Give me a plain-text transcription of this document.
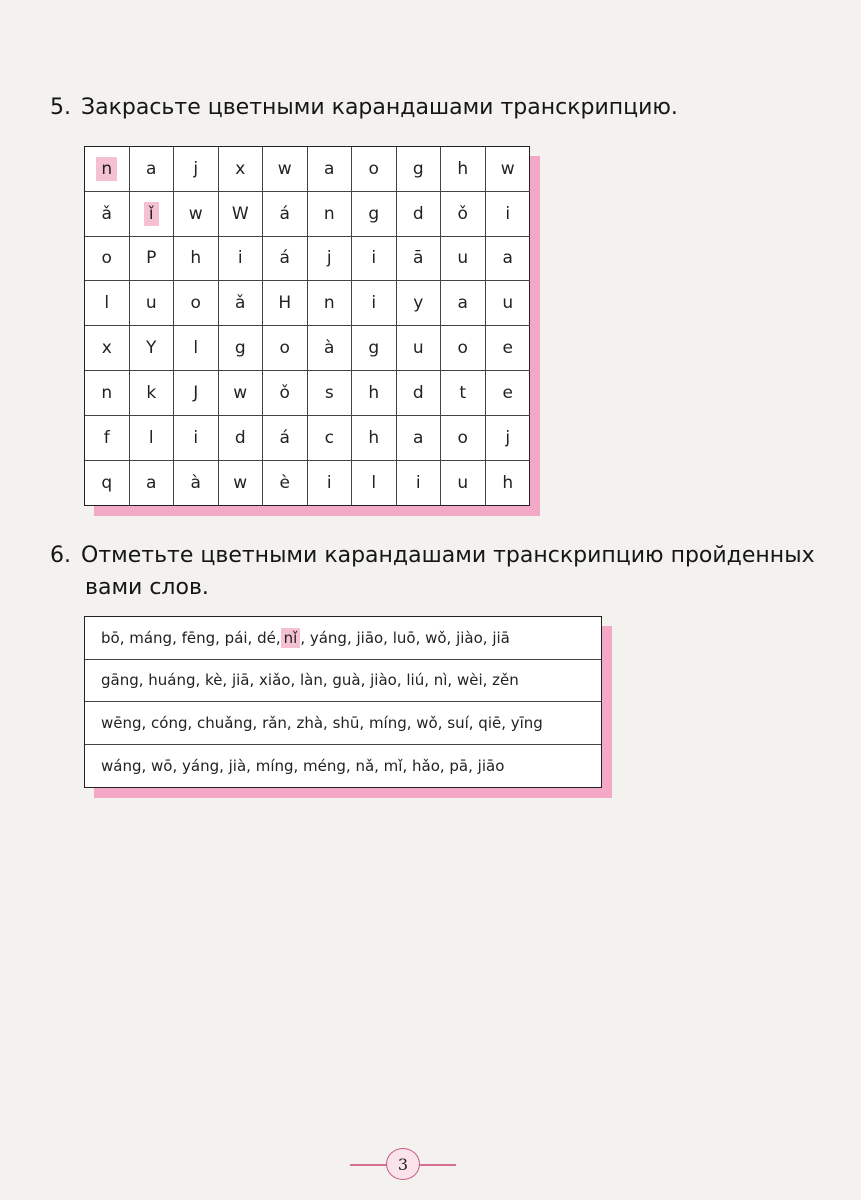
5. Закрасьте цветными карандашами транскрипцию.
n a j x w a o g h w
ǎ ǐ w W á n g d ǒ i
o P h i á j i ā u a
l u o ǎ H n i y a u
x Y l g o à g u o e
n k J w ǒ s h d t e
f l i d á c h a o j
q a à w è i l i u h
6. Отметьте цветными карандашами транскрипцию пройденных
вами слов.
bō, máng, fēng, pái, dé, nǐ , yáng, jiāo, luō, wǒ, jiào, jiā
gāng, huáng, kè, jiā, xiǎo, làn, guà, jiào, liú, nì, wèi, zěn
wēng, cóng, chuǎng, rǎn, zhà, shū, míng, wǒ, suí, qiē, yīng
wáng, wō, yáng, jià, míng, méng, nǎ, mǐ, hǎo, pā, jiāo
3
